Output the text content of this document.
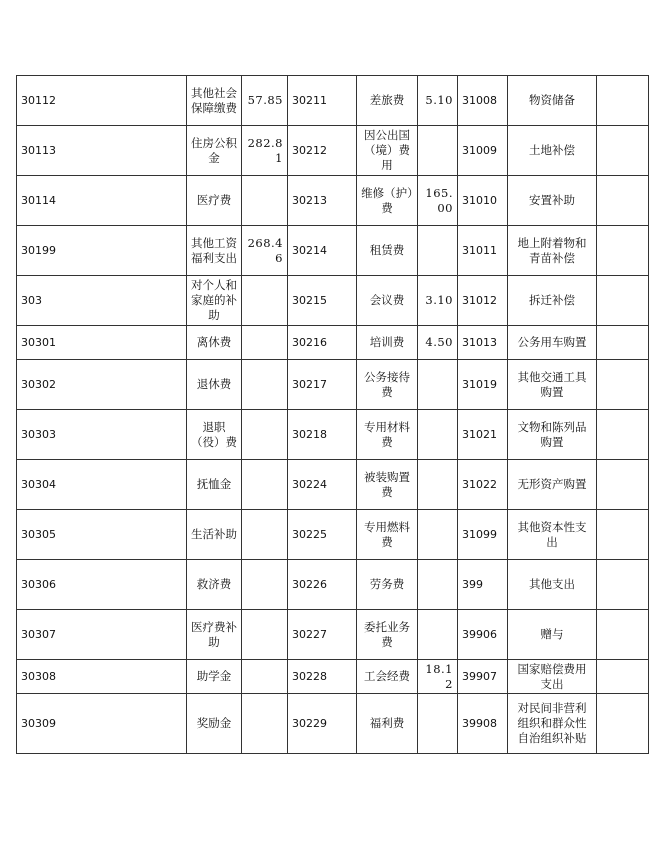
30112	其他社会保障缴费	57.85	30211	差旅费	5.10	31008	物资储备	
30113	住房公积金	282.81	30212	因公出国（境）费用		31009	土地补偿	
30114	医疗费		30213	维修（护）费	165.00	31010	安置补助	
30199	其他工资福利支出	268.46	30214	租赁费		31011	地上附着物和青苗补偿	
303	对个人和家庭的补助		30215	会议费	3.10	31012	拆迁补偿	
30301	离休费		30216	培训费	4.50	31013	公务用车购置	
30302	退休费		30217	公务接待费		31019	其他交通工具购置	
30303	退职（役）费		30218	专用材料费		31021	文物和陈列品购置	
30304	抚恤金		30224	被装购置费		31022	无形资产购置	
30305	生活补助		30225	专用燃料费		31099	其他资本性支出	
30306	救济费		30226	劳务费		399	其他支出	
30307	医疗费补助		30227	委托业务费		39906	赠与	
30308	助学金		30228	工会经费	18.12	39907	国家赔偿费用支出	
30309	奖励金		30229	福利费		39908	对民间非营利组织和群众性自治组织补贴	
